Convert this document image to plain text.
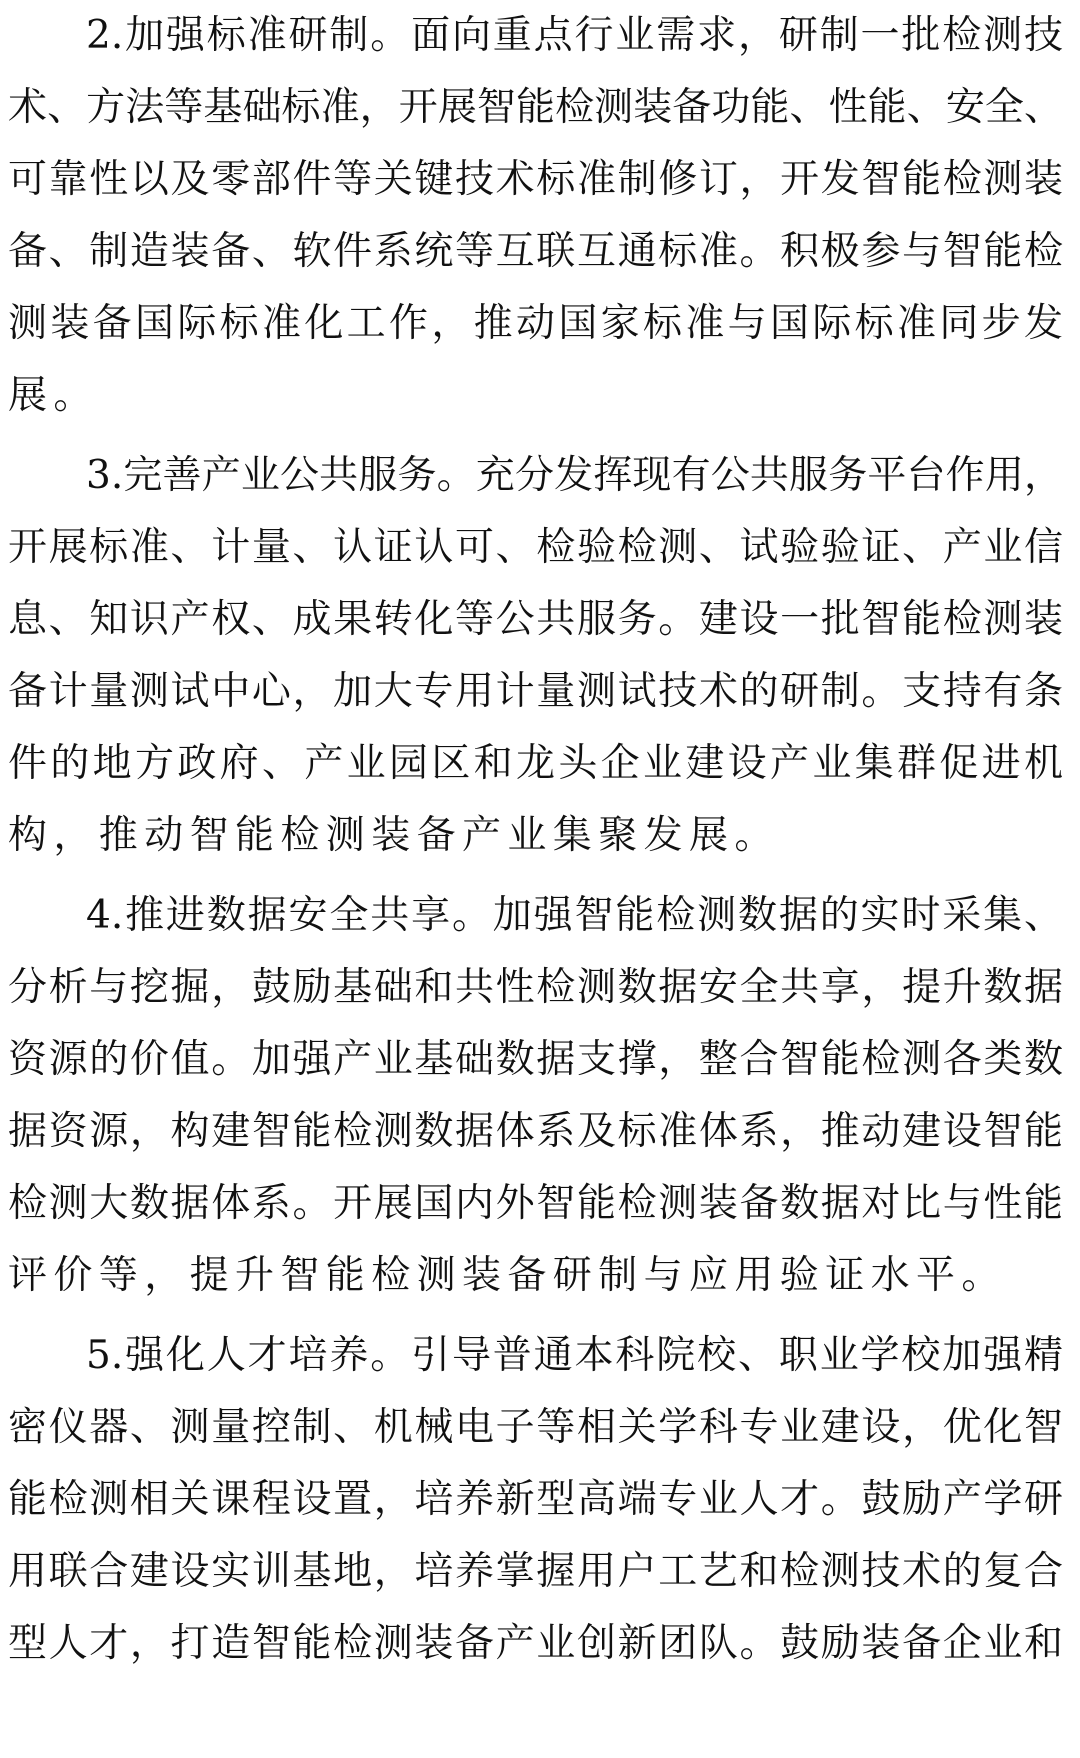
2.加强标准研制。面向重点行业需求，研制一批检测技
术、方法等基础标准，开展智能检测装备功能、性能、安全、
可靠性以及零部件等关键技术标准制修订，开发智能检测装
备、制造装备、软件系统等互联互通标准。积极参与智能检
测装备国际标准化工作，推动国家标准与国际标准同步发
展。
3.完善产业公共服务。充分发挥现有公共服务平台作用，
开展标准、计量、认证认可、检验检测、试验验证、产业信
息、知识产权、成果转化等公共服务。建设一批智能检测装
备计量测试中心，加大专用计量测试技术的研制。支持有条
件的地方政府、产业园区和龙头企业建设产业集群促进机
构，推动智能检测装备产业集聚发展。
4.推进数据安全共享。加强智能检测数据的实时采集、
分析与挖掘，鼓励基础和共性检测数据安全共享，提升数据
资源的价值。加强产业基础数据支撑，整合智能检测各类数
据资源，构建智能检测数据体系及标准体系，推动建设智能
检测大数据体系。开展国内外智能检测装备数据对比与性能
评价等，提升智能检测装备研制与应用验证水平。
5.强化人才培养。引导普通本科院校、职业学校加强精
密仪器、测量控制、机械电子等相关学科专业建设，优化智
能检测相关课程设置，培养新型高端专业人才。鼓励产学研
用联合建设实训基地，培养掌握用户工艺和检测技术的复合
型人才，打造智能检测装备产业创新团队。鼓励装备企业和
